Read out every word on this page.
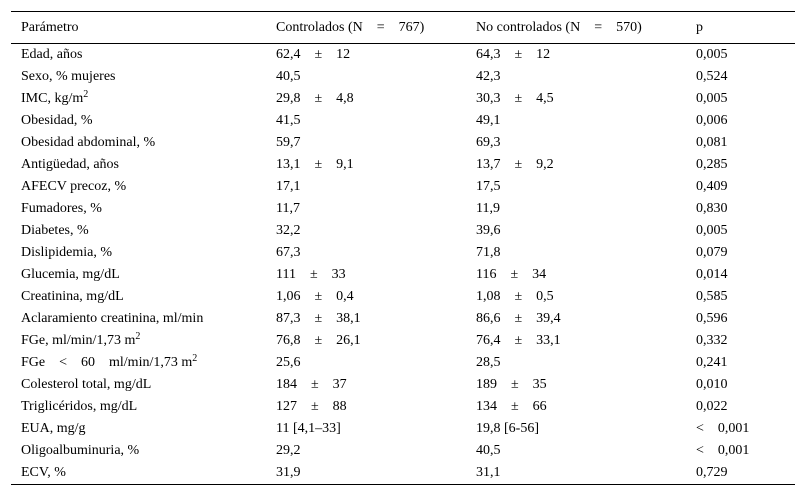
Parámetro	Controlados (N    =    767)	No controlados (N    =    570)	p
Edad, años	62,4    ±    12	64,3    ±    12	0,005
Sexo, % mujeres	40,5	42,3	0,524
IMC, $kg/m^2$	29,8    ±    4,8	30,3    ±    4,5	0,005
Obesidad, %	41,5	49,1	0,006
Obesidad abdominal, %	59,7	69,3	0,081
Antigüedad, años	13,1    ±    9,1	13,7    ±    9,2	0,285
AFECV precoz, %	17,1	17,5	0,409
Fumadores, %	11,7	11,9	0,830
Diabetes, %	32,2	39,6	0,005
Dislipidemia, %	67,3	71,8	0,079
Glucemia, mg/dL	111    ±    33	116    ±    34	0,014
Creatinina, mg/dL	1,06    ±    0,4	1,08    ±    0,5	0,585
Aclaramiento creatinina, ml/min	87,3    ±    38,1	86,6    ±    39,4	0,596
FGe, ml/min/1,73 $m^2$	76,8    ±    26,1	76,4    ±    33,1	0,332
FGe    <    60    ml/min/1,73 $m^2$	25,6	28,5	0,241
Colesterol total, mg/dL	184    ±    37	189    ±    35	0,010
Triglicéridos, mg/dL	127    ±    88	134    ±    66	0,022
EUA, mg/g	11 [4,1–33]	19,8 [6-56]	<    0,001
Oligoalbuminuria, %	29,2	40,5	<    0,001
ECV, %	31,9	31,1	0,729
